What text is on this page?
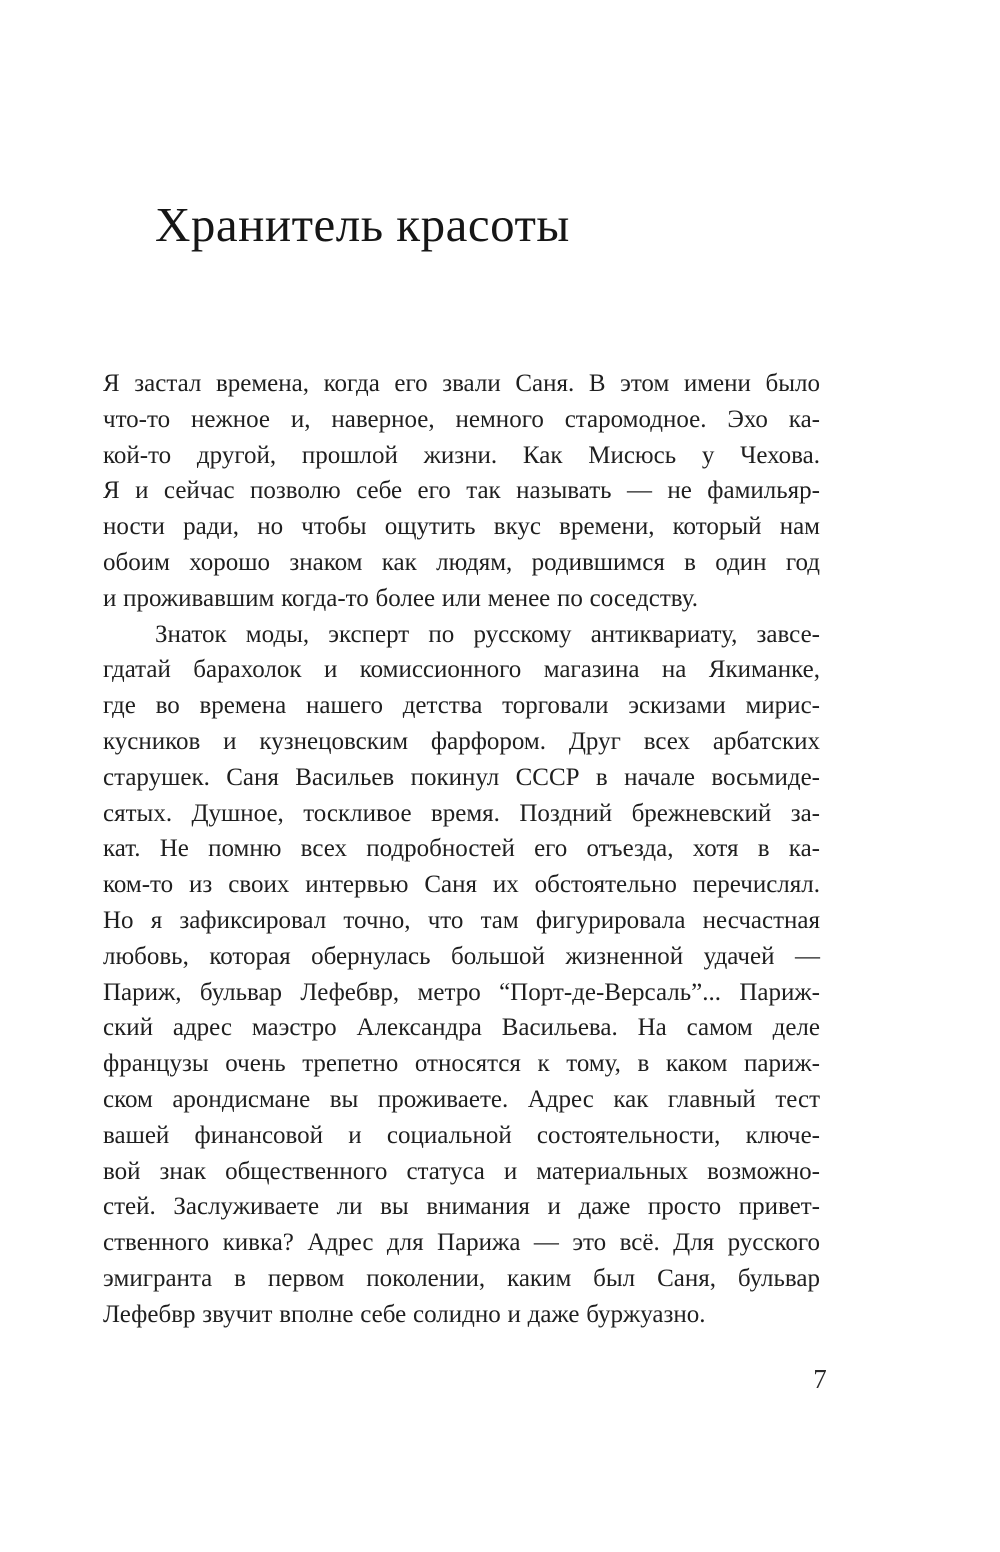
Хранитель красоты
Я застал времена, когда его звали Саня. В этом имени было
что-то нежное и, наверное, немного старомодное. Эхо ка-
кой-то другой, прошлой жизни. Как Мисюсь у Чехова.
Я и сейчас позволю себе его так называть — не фамильяр-
ности ради, но чтобы ощутить вкус времени, который нам
обоим хорошо знаком как людям, родившимся в один год
и проживавшим когда-то более или менее по соседству.
Знаток моды, эксперт по русскому антиквариату, завсе-
гдатай барахолок и комиссионного магазина на Якиманке,
где во времена нашего детства торговали эскизами мирис-
кусников и кузнецовским фарфором. Друг всех арбатских
старушек. Саня Васильев покинул СССР в начале восьмиде-
сятых. Душное, тоскливое время. Поздний брежневский за-
кат. Не помню всех подробностей его отъезда, хотя в ка-
ком-то из своих интервью Саня их обстоятельно перечислял.
Но я зафиксировал точно, что там фигурировала несчастная
любовь, которая обернулась большой жизненной удачей —
Париж, бульвар Лефебвр, метро “Порт-де-Версаль”... Париж-
ский адрес маэстро Александра Васильева. На самом деле
французы очень трепетно относятся к тому, в каком париж-
ском арондисмане вы проживаете. Адрес как главный тест
вашей финансовой и социальной состоятельности, ключе-
вой знак общественного статуса и материальных возможно-
стей. Заслуживаете ли вы внимания и даже просто привет-
ственного кивка? Адрес для Парижа — это всё. Для русского
эмигранта в первом поколении, каким был Саня, бульвар
Лефебвр звучит вполне себе солидно и даже буржуазно.
7
